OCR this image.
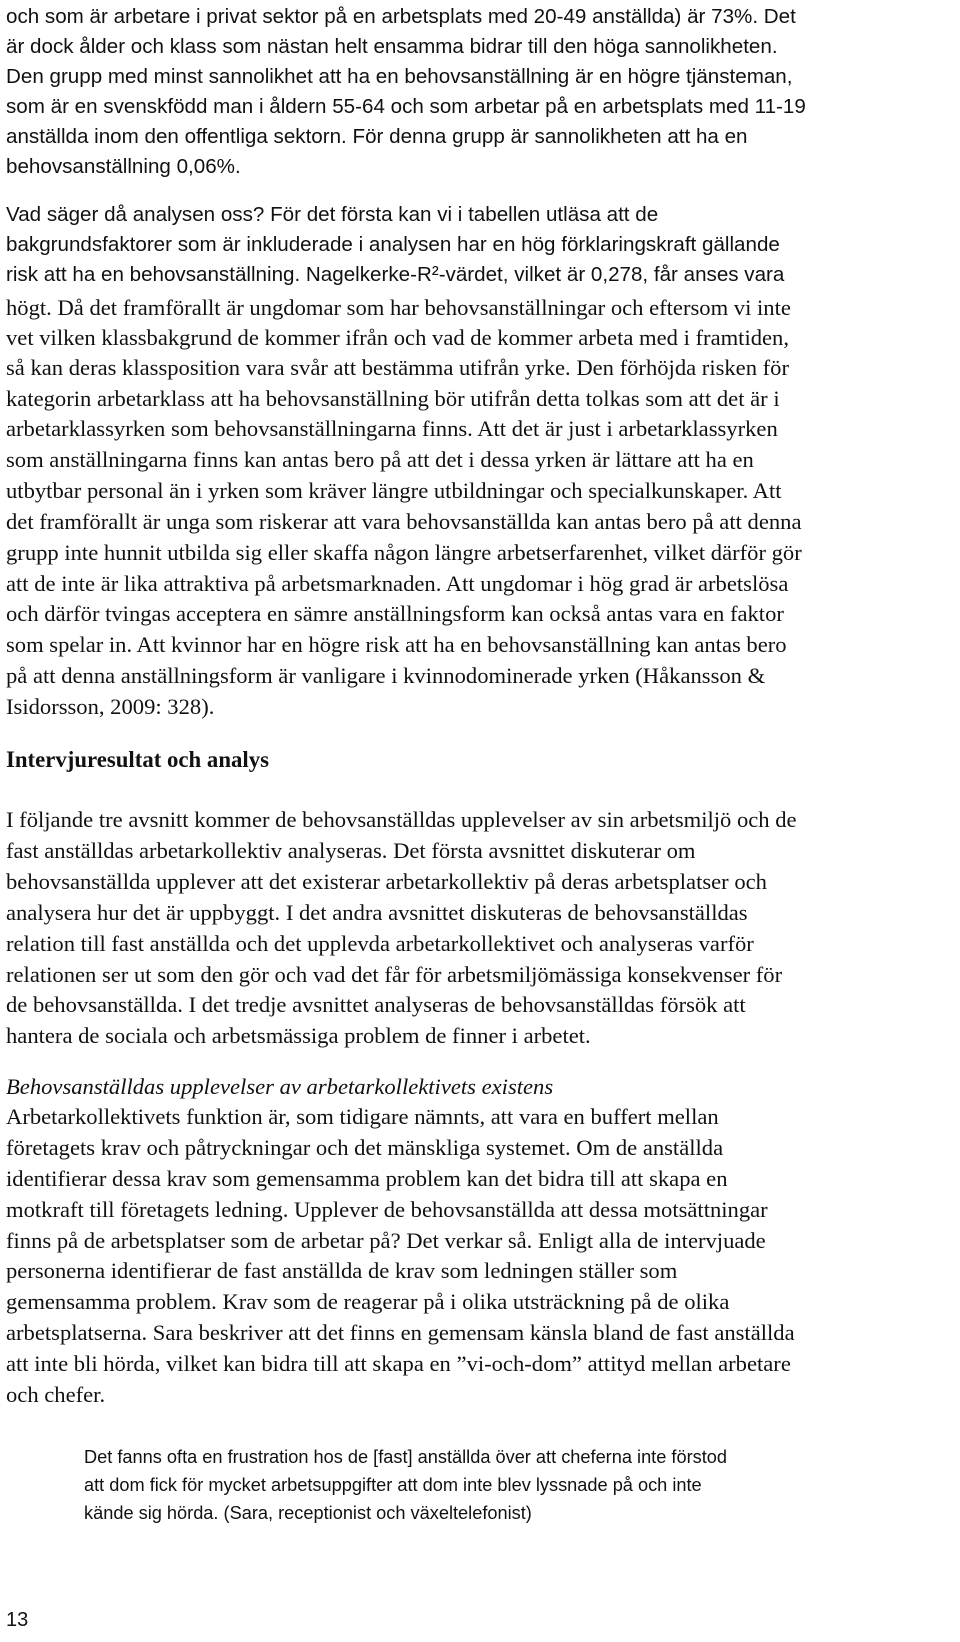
och som är arbetare i privat sektor på en arbetsplats med 20-49 anställda) är 73%. Det
är dock ålder och klass som nästan helt ensamma bidrar till den höga sannolikheten.
Den grupp med minst sannolikhet att ha en behovsanställning är en högre tjänsteman,
som är en svenskfödd man i åldern 55-64 och som arbetar på en arbetsplats med 11-19
anställda inom den offentliga sektorn. För denna grupp är sannolikheten att ha en
behovsanställning 0,06%.
Vad säger då analysen oss? För det första kan vi i tabellen utläsa att de
bakgrundsfaktorer som är inkluderade i analysen har en hög förklaringskraft gällande
risk att ha en behovsanställning. Nagelkerke-R²-värdet, vilket är 0,278, får anses vara
högt. Då det framförallt är ungdomar som har behovsanställningar och eftersom vi inte
vet vilken klassbakgrund de kommer ifrån och vad de kommer arbeta med i framtiden,
så kan deras klassposition vara svår att bestämma utifrån yrke. Den förhöjda risken för
kategorin arbetarklass att ha behovsanställning bör utifrån detta tolkas som att det är i
arbetarklassyrken som behovsanställningarna finns. Att det är just i arbetarklassyrken
som anställningarna finns kan antas bero på att det i dessa yrken är lättare att ha en
utbytbar personal än i yrken som kräver längre utbildningar och specialkunskaper. Att
det framförallt är unga som riskerar att vara behovsanställda kan antas bero på att denna
grupp inte hunnit utbilda sig eller skaffa någon längre arbetserfarenhet, vilket därför gör
att de inte är lika attraktiva på arbetsmarknaden. Att ungdomar i hög grad är arbetslösa
och därför tvingas acceptera en sämre anställningsform kan också antas vara en faktor
som spelar in. Att kvinnor har en högre risk att ha en behovsanställning kan antas bero
på att denna anställningsform är vanligare i kvinnodominerade yrken (Håkansson &
Isidorsson, 2009: 328).
Intervjuresultat och analys
I följande tre avsnitt kommer de behovsanställdas upplevelser av sin arbetsmiljö och de
fast anställdas arbetarkollektiv analyseras. Det första avsnittet diskuterar om
behovsanställda upplever att det existerar arbetarkollektiv på deras arbetsplatser och
analysera hur det är uppbyggt. I det andra avsnittet diskuteras de behovsanställdas
relation till fast anställda och det upplevda arbetarkollektivet och analyseras varför
relationen ser ut som den gör och vad det får för arbetsmiljömässiga konsekvenser för
de behovsanställda. I det tredje avsnittet analyseras de behovsanställdas försök att
hantera de sociala och arbetsmässiga problem de finner i arbetet.
Behovsanställdas upplevelser av arbetarkollektivets existens
Arbetarkollektivets funktion är, som tidigare nämnts, att vara en buffert mellan
företagets krav och påtryckningar och det mänskliga systemet. Om de anställda
identifierar dessa krav som gemensamma problem kan det bidra till att skapa en
motkraft till företagets ledning. Upplever de behovsanställda att dessa motsättningar
finns på de arbetsplatser som de arbetar på? Det verkar så. Enligt alla de intervjuade
personerna identifierar de fast anställda de krav som ledningen ställer som
gemensamma problem. Krav som de reagerar på i olika utsträckning på de olika
arbetsplatserna. Sara beskriver att det finns en gemensam känsla bland de fast anställda
att inte bli hörda, vilket kan bidra till att skapa en ”vi-och-dom” attityd mellan arbetare
och chefer.
Det fanns ofta en frustration hos de [fast] anställda över att cheferna inte förstod
att dom fick för mycket arbetsuppgifter att dom inte blev lyssnade på och inte
kände sig hörda. (Sara, receptionist och växeltelefonist)
13
